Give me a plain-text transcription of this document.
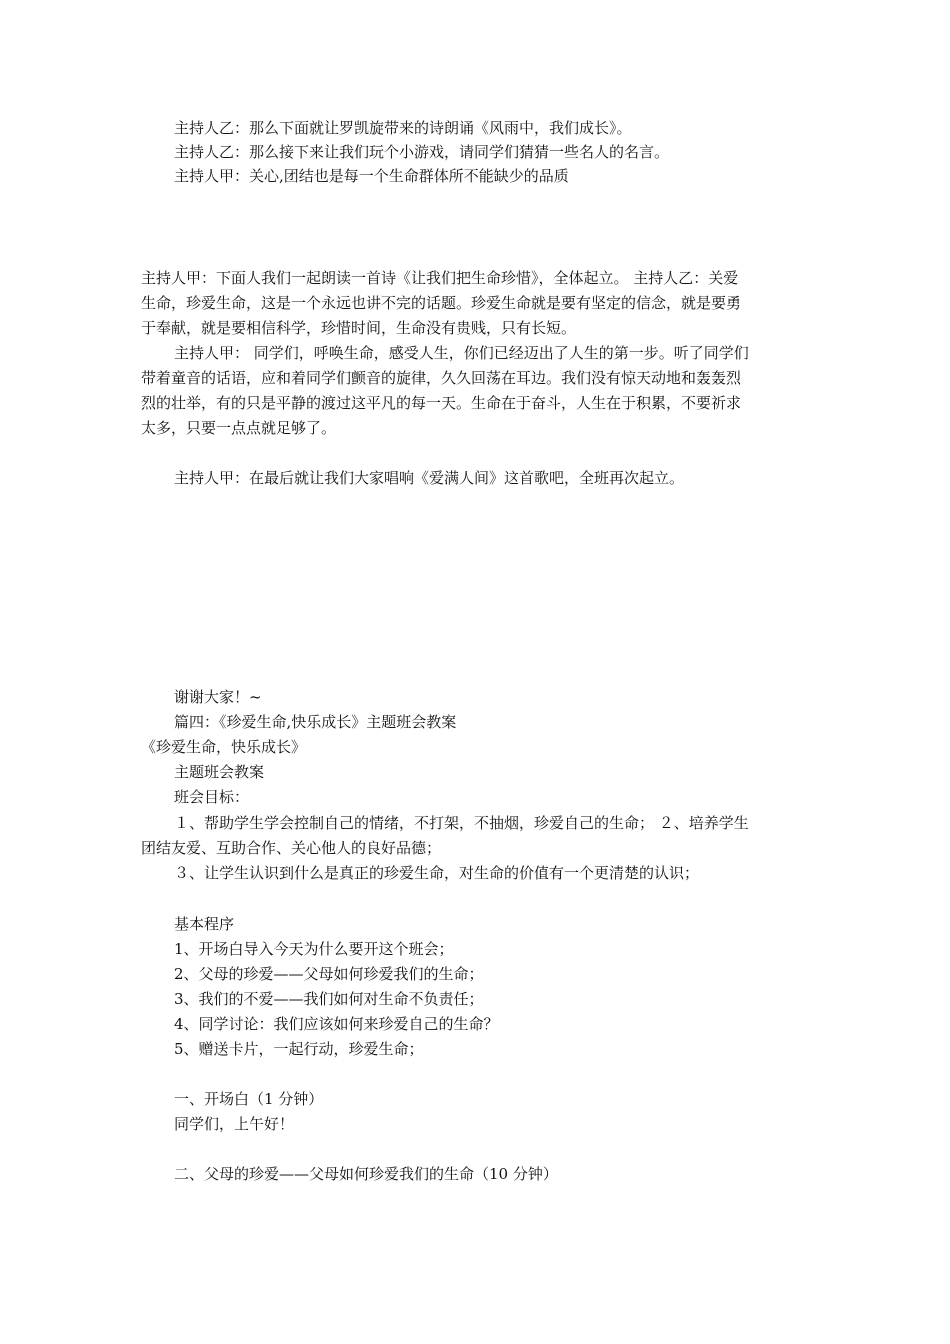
主持人乙：那么下面就让罗凯旋带来的诗朗诵《风雨中，我们成长》。
主持人乙：那么接下来让我们玩个小游戏，请同学们猜猜一些名人的名言。
主持人甲：关心,团结也是每一个生命群体所不能缺少的品质
主持人甲：下面人我们一起朗读一首诗《让我们把生命珍惜》，全体起立。 主持人乙：关爱
生命，珍爱生命，这是一个永远也讲不完的话题。珍爱生命就是要有坚定的信念，就是要勇
于奉献，就是要相信科学，珍惜时间，生命没有贵贱，只有长短。
主持人甲： 同学们，呼唤生命，感受人生，你们已经迈出了人生的第一步。听了同学们
带着童音的话语，应和着同学们颤音的旋律，久久回荡在耳边。我们没有惊天动地和轰轰烈
烈的壮举，有的只是平静的渡过这平凡的每一天。生命在于奋斗，人生在于积累，不要祈求
太多，只要一点点就足够了。
主持人甲：在最后就让我们大家唱响《爱满人间》这首歌吧，全班再次起立。
谢谢大家！~
篇四：《珍爱生命,快乐成长》主题班会教案
《珍爱生命，快乐成长》
主题班会教案
班会目标：
１、帮助学生学会控制自己的情绪，不打架，不抽烟，珍爱自己的生命； ２、培养学生
团结友爱、互助合作、关心他人的良好品德；
３、让学生认识到什么是真正的珍爱生命，对生命的价值有一个更清楚的认识；
基本程序
1、开场白导入今天为什么要开这个班会；
2、父母的珍爱——父母如何珍爱我们的生命；
3、我们的不爱——我们如何对生命不负责任；
4、同学讨论：我们应该如何来珍爱自己的生命？
5、赠送卡片，一起行动，珍爱生命；
一、开场白（1 分钟）
同学们，上午好！
二、父母的珍爱——父母如何珍爱我们的生命（10 分钟）
